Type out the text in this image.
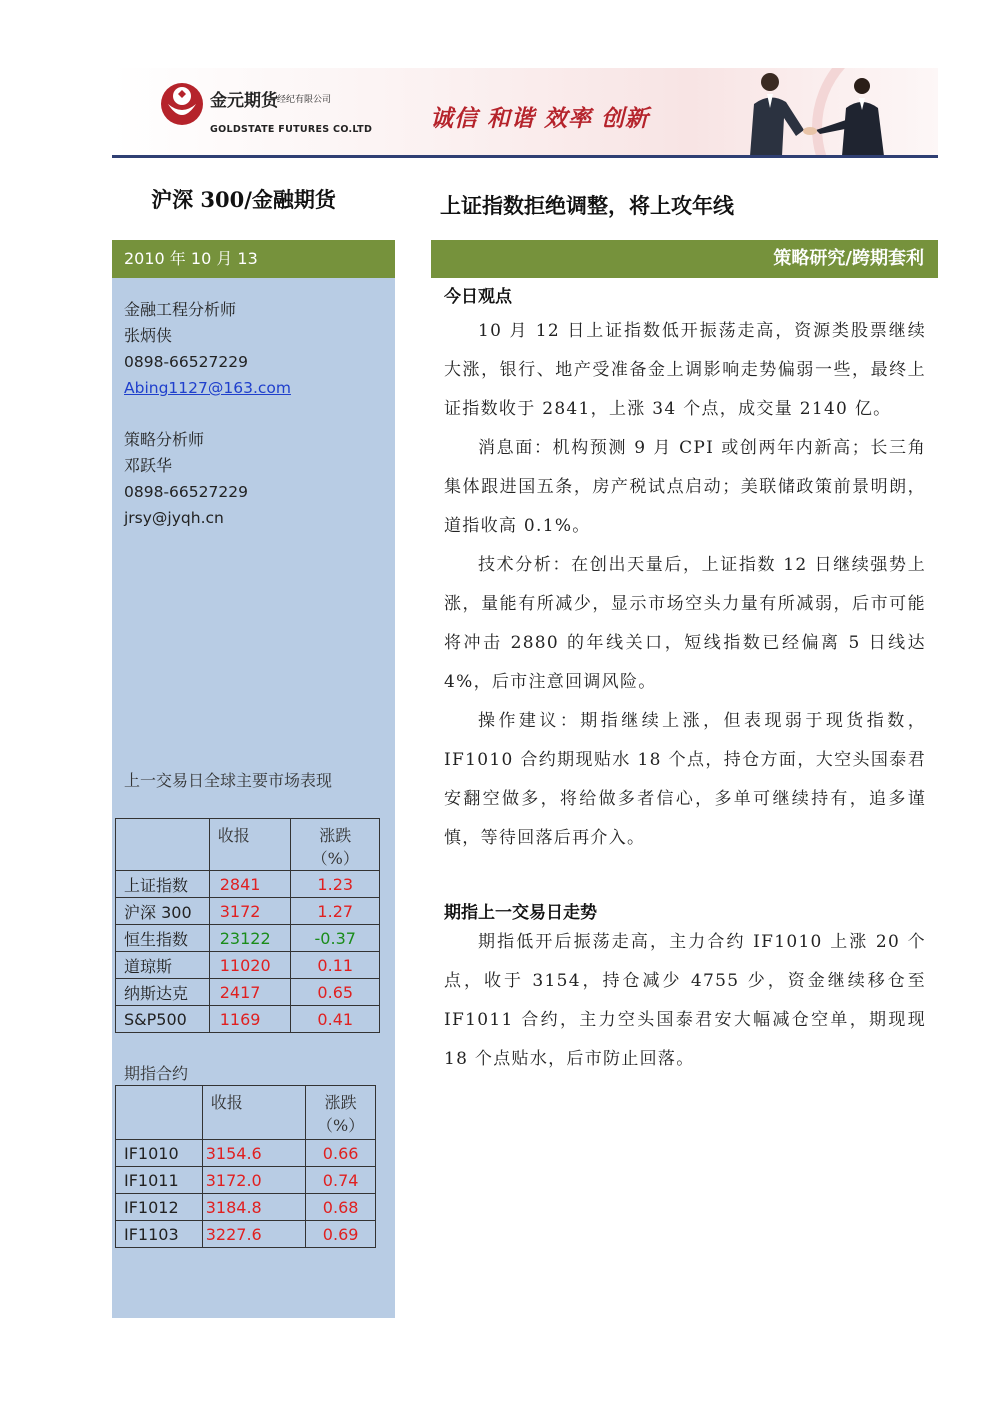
金元期货 经纪有限公司
GOLDSTATE FUTURES CO.LTD	诚信 和谐 效率 创新
沪深 300/金融期货
2010 年 10 月 13
金融工程分析师
张炳侠
0898-66527229
Abing1127@163.com
策略分析师
邓跃华
0898-66527229
jrsy@jyqh.cn
上一交易日全球主要市场表现
	收报	涨跌
（%）

上证指数	2841	1.23
沪深 300	3172	1.27
恒生指数	23122	-0.37
道琼斯	11020	0.11
纳斯达克	2417	0.65
S&P500	1169	0.41
期指合约
	收报	涨跌
（%）

IF1010	3154.6	0.66
IF1011	3172.0	0.74
IF1012	3184.8	0.68
IF1103	3227.6	0.69
上证指数拒绝调整，将上攻年线
策略研究/跨期套利
今日观点

10 月 12 日上证指数低开振荡走高，资源类股票继续大涨，银行、地产受准备金上调影响走势偏弱一些，最终上证指数收于 2841，上涨 34 个点，成交量 2140 亿。

消息面：机构预测 9 月 CPI 或创两年内新高；长三角集体跟进国五条，房产税试点启动；美联储政策前景明朗，道指收高 0.1%。

技术分析：在创出天量后，上证指数 12 日继续强势上涨，量能有所减少，显示市场空头力量有所减弱，后市可能将冲击 2880 的年线关口，短线指数已经偏离 5 日线达 4%，后市注意回调风险。

操作建议：期指继续上涨，但表现弱于现货指数，IF1010 合约期现贴水 18 个点，持仓方面，大空头国泰君安翻空做多，将给做多者信心，多单可继续持有，追多谨慎，等待回落后再介入。

期指上一交易日走势

期指低开后振荡走高，主力合约 IF1010 上涨 20 个点，收于 3154，持仓减少 4755 少，资金继续移仓至 IF1011 合约，主力空头国泰君安大幅减仓空单，期现现 18 个点贴水，后市防止回落。
